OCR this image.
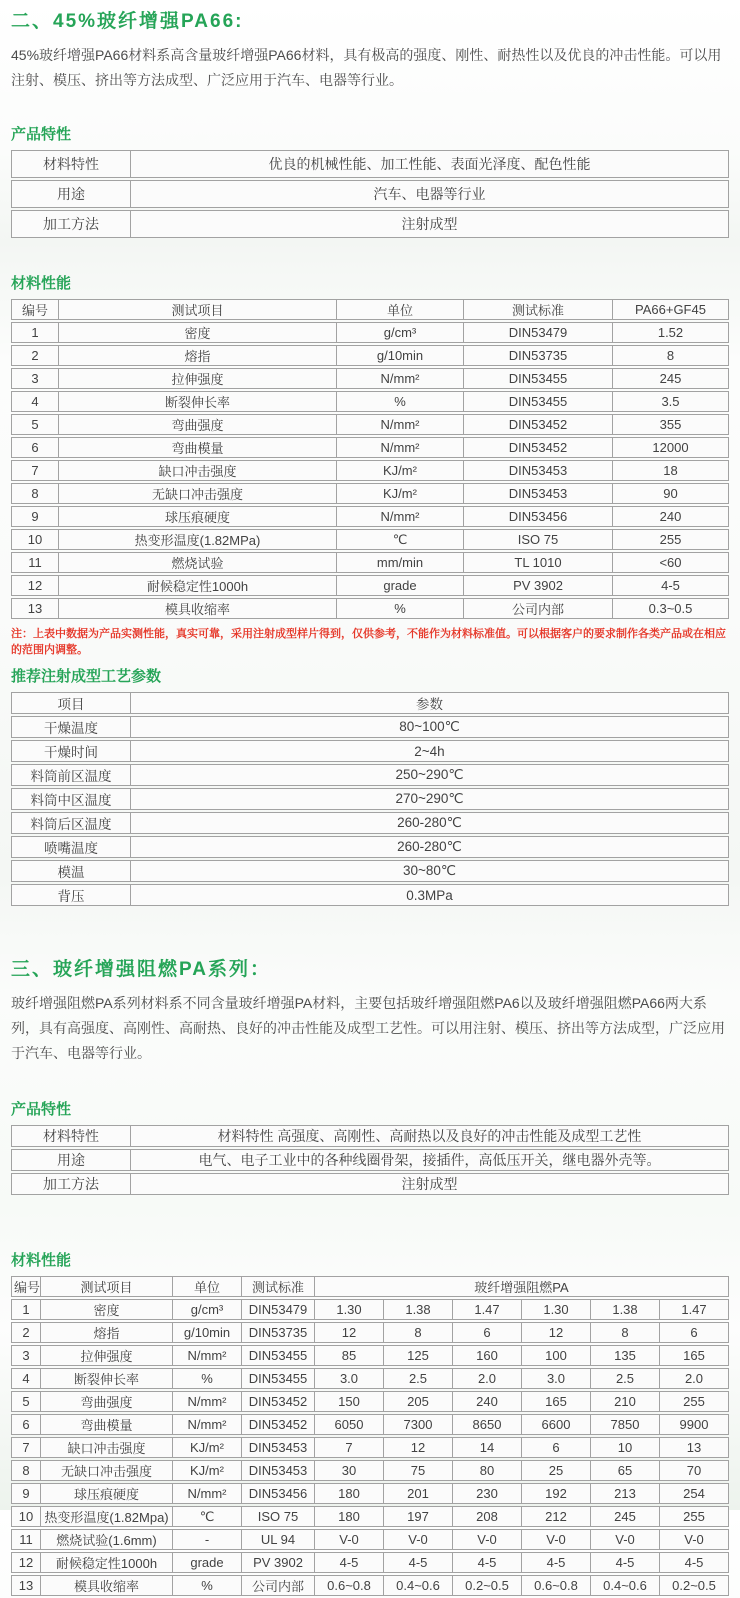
二、45%玻纤增强PA66:

45%玻纤增强PA66材料系高含量玻纤增强PA66材料，具有极高的强度、刚性、耐热性以及优良的冲击性能。可以用注射、模压、挤出等方法成型、广泛应用于汽车、电器等行业。

产品特性
材料特性	优良的机械性能、加工性能、表面光泽度、配色性能
用途	汽车、电器等行业
加工方法	注射成型
材料性能
编号	测试项目	单位	测试标准	PA66+GF45
1	密度	g/cm³	DIN53479	1.52
2	熔指	g/10min	DIN53735	8
3	拉伸强度	N/mm²	DIN53455	245
4	断裂伸长率	%	DIN53455	3.5
5	弯曲强度	N/mm²	DIN53452	355
6	弯曲模量	N/mm²	DIN53452	12000
7	缺口冲击强度	KJ/m²	DIN53453	18
8	无缺口冲击强度	KJ/m²	DIN53453	90
9	球压痕硬度	N/mm²	DIN53456	240
10	热变形温度(1.82MPa)	℃	ISO 75	255
11	燃烧试验	mm/min	TL 1010	<60
12	耐候稳定性1000h	grade	PV 3902	4-5
13	模具收缩率	%	公司内部	0.3~0.5

注：上表中数据为产品实测性能，真实可靠，采用注射成型样片得到，仅供参考，不能作为材料标准值。可以根据客户的要求制作各类产品或在相应的范围内调整。

推荐注射成型工艺参数
项目	参数
干燥温度	80~100℃
干燥时间	2~4h
料筒前区温度	250~290℃
料筒中区温度	270~290℃
料筒后区温度	260-280℃
喷嘴温度	260-280℃
模温	30~80℃
背压	0.3MPa
三、玻纤增强阻燃PA系列：

玻纤增强阻燃PA系列材料系不同含量玻纤增强PA材料，主要包括玻纤增强阻燃PA6以及玻纤增强阻燃PA66两大系列，具有高强度、高刚性、高耐热、良好的冲击性能及成型工艺性。可以用注射、模压、挤出等方法成型，广泛应用于汽车、电器等行业。

产品特性
材料特性	材料特性 高强度、高刚性、高耐热以及良好的冲击性能及成型工艺性
用途	电气、电子工业中的各种线圈骨架，接插件，高低压开关，继电器外壳等。
加工方法	注射成型
材料性能
编号	测试项目	单位	测试标准	玻纤增强阻燃PA					
1	密度	g/cm³	DIN53479	1.30	1.38	1.47	1.30	1.38	1.47
2	熔指	g/10min	DIN53735	12	8	6	12	8	6
3	拉伸强度	N/mm²	DIN53455	85	125	160	100	135	165
4	断裂伸长率	%	DIN53455	3.0	2.5	2.0	3.0	2.5	2.0
5	弯曲强度	N/mm²	DIN53452	150	205	240	165	210	255
6	弯曲模量	N/mm²	DIN53452	6050	7300	8650	6600	7850	9900
7	缺口冲击强度	KJ/m²	DIN53453	7	12	14	6	10	13
8	无缺口冲击强度	KJ/m²	DIN53453	30	75	80	25	65	70
9	球压痕硬度	N/mm²	DIN53456	180	201	230	192	213	254
10	热变形温度(1.82Mpa)	℃	ISO 75	180	197	208	212	245	255
11	燃烧试验(1.6mm)	-	UL 94	V-0	V-0	V-0	V-0	V-0	V-0
12	耐候稳定性1000h	grade	PV 3902	4-5	4-5	4-5	4-5	4-5	4-5
13	模具收缩率	%	公司内部	0.6~0.8	0.4~0.6	0.2~0.5	0.6~0.8	0.4~0.6	0.2~0.5
